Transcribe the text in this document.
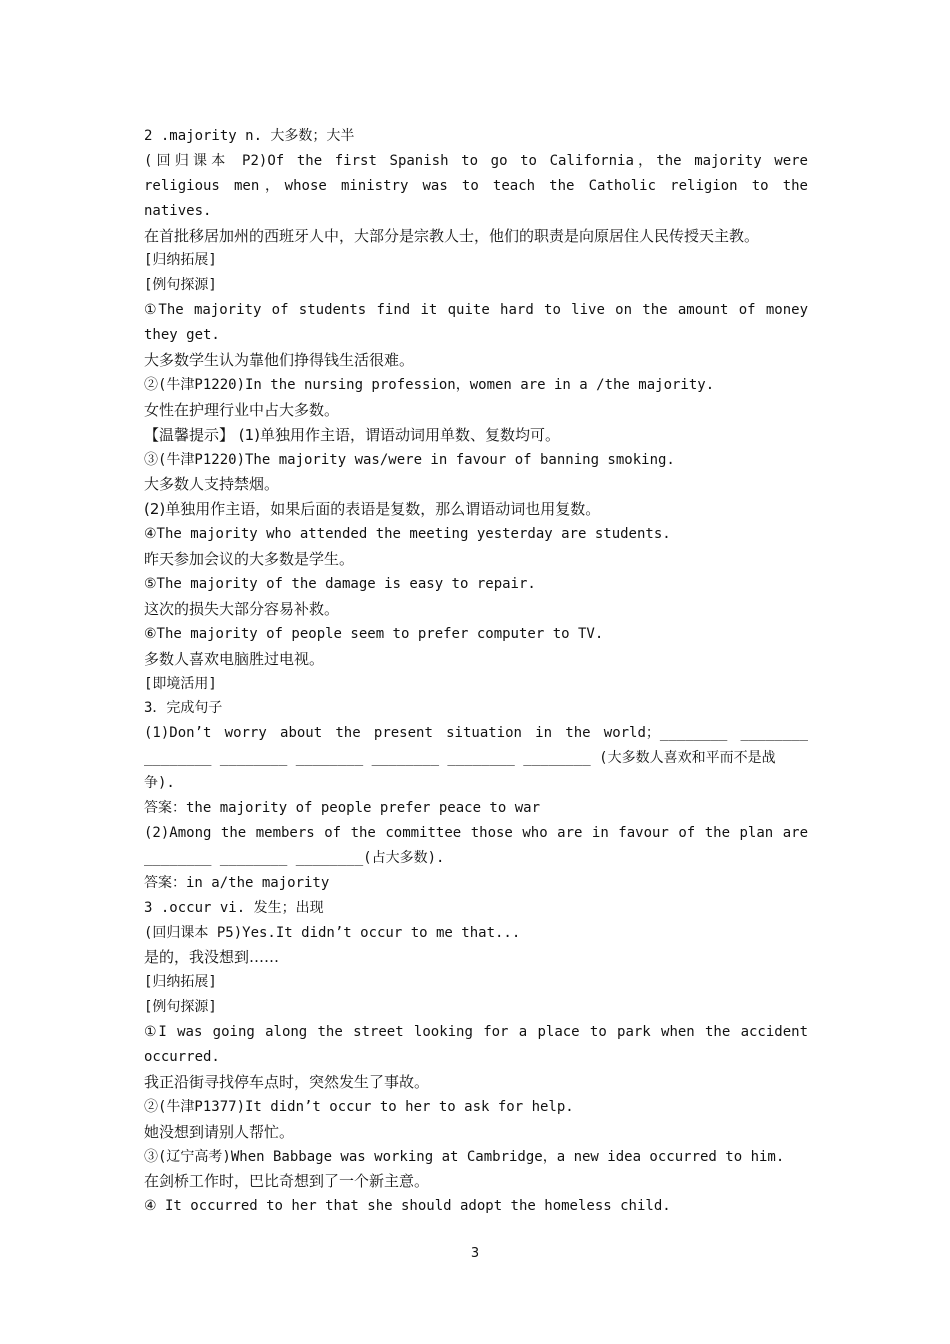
2 .majority n. 大多数；大半
(回归课本 P2)Of the first Spanish to go to California，the majority were
religious men，whose ministry was to teach the Catholic religion to the
natives.
在首批移居加州的西班牙人中，大部分是宗教人士，他们的职责是向原居住人民传授天主教。
[归纳拓展]
[例句探源]
①The majority of students find it quite hard to live on the amount of money
they get.
大多数学生认为靠他们挣得钱生活很难。
②(牛津P1220)In the nursing profession，women are in a /the majority.
女性在护理行业中占大多数。
【温馨提示】 (1)单独用作主语，谓语动词用单数、复数均可。
③(牛津P1220)The majority was/were in favour of banning smoking.
大多数人支持禁烟。
(2)单独用作主语，如果后面的表语是复数，那么谓语动词也用复数。
④The majority who attended the meeting yesterday are students.
昨天参加会议的大多数是学生。
⑤The majority of the damage is easy to repair.
这次的损失大部分容易补救。
⑥The majority of people seem to prefer computer to TV.
多数人喜欢电脑胜过电视。
[即境活用]
3．完成句子
(1)Don’t worry about the present situation in the world；________ ________
________ ________ ________ ________ ________ ________ (大多数人喜欢和平而不是战
争).
答案：the majority of people prefer peace to war
(2)Among the members of the committee those who are in favour of the plan are
________ ________ ________(占大多数).
答案：in a/the majority
3 .occur vi. 发生；出现
(回归课本 P5)Yes.It didn’t occur to me that...
是的，我没想到……
[归纳拓展]
[例句探源]
①I was going along the street looking for a place to park when the accident
occurred.
我正沿街寻找停车点时，突然发生了事故。
②(牛津P1377)It didn’t occur to her to ask for help.
她没想到请别人帮忙。
③(辽宁高考)When Babbage was working at Cambridge，a new idea occurred to him.
在剑桥工作时，巴比奇想到了一个新主意。
④ It occurred to her that she should adopt the homeless child.
3
